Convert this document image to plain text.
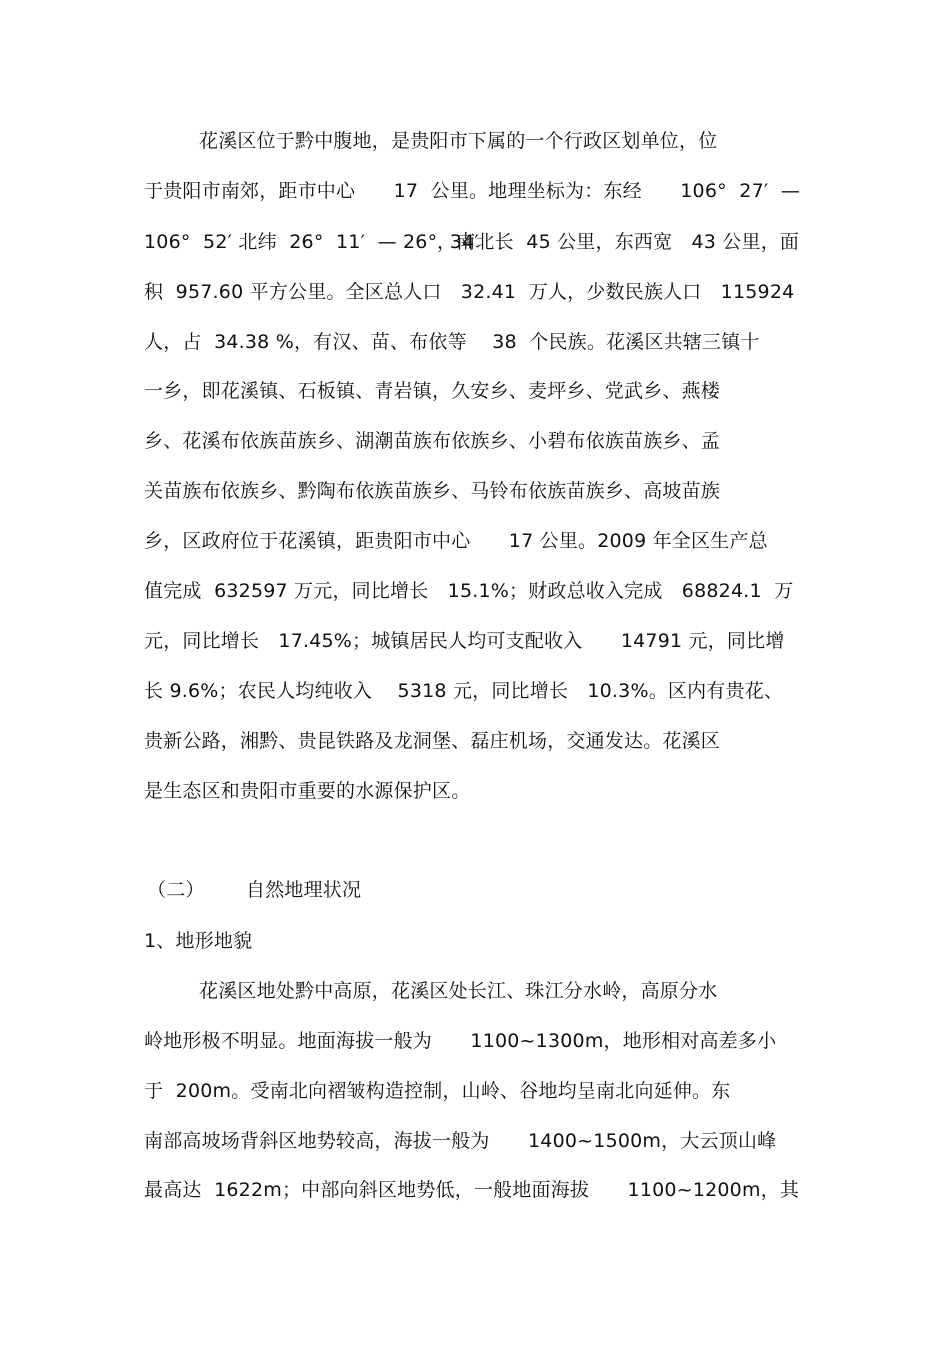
花溪区位于黔中腹地，是贵阳市下属的一个行政区划单位，位
于贵阳市南郊，距市中心　　17  公里。地理坐标为：东经　　106°  27′  —
106°  52′ 北纬  26°  11′  — 26°  34′
，南北长  45 公里，东西宽　43 公里，面
积  957.60 平方公里。全区总人口　32.41  万人，少数民族人口　115924
人，占  34.38 %，有汉、苗、布依等　 38  个民族。花溪区共辖三镇十
一乡，即花溪镇、石板镇、青岩镇，久安乡、麦坪乡、党武乡、燕楼
乡、花溪布依族苗族乡、湖潮苗族布依族乡、小碧布依族苗族乡、孟
关苗族布依族乡、黔陶布依族苗族乡、马铃布依族苗族乡、高坡苗族
乡，区政府位于花溪镇，距贵阳市中心　　17 公里。2009 年全区生产总
值完成  632597 万元，同比增长　15.1%；财政总收入完成　68824.1  万
元，同比增长　17.45%；城镇居民人均可支配收入　　14791 元，同比增
长 9.6%；农民人均纯收入　 5318 元，同比增长　10.3%。区内有贵花、
贵新公路，湘黔、贵昆铁路及龙洞堡、磊庄机场，交通发达。花溪区
是生态区和贵阳市重要的水源保护区。
（二） 自然地理状况
1、地形地貌
花溪区地处黔中高原，花溪区处长江、珠江分水岭，高原分水
岭地形极不明显。地面海拔一般为　　1100~1300m，地形相对高差多小
于  200m。受南北向褶皱构造控制，山岭、谷地均呈南北向延伸。东
南部高坡场背斜区地势较高，海拔一般为　　1400~1500m，大云顶山峰
最高达  1622m；中部向斜区地势低，一般地面海拔　　1100~1200m，其
